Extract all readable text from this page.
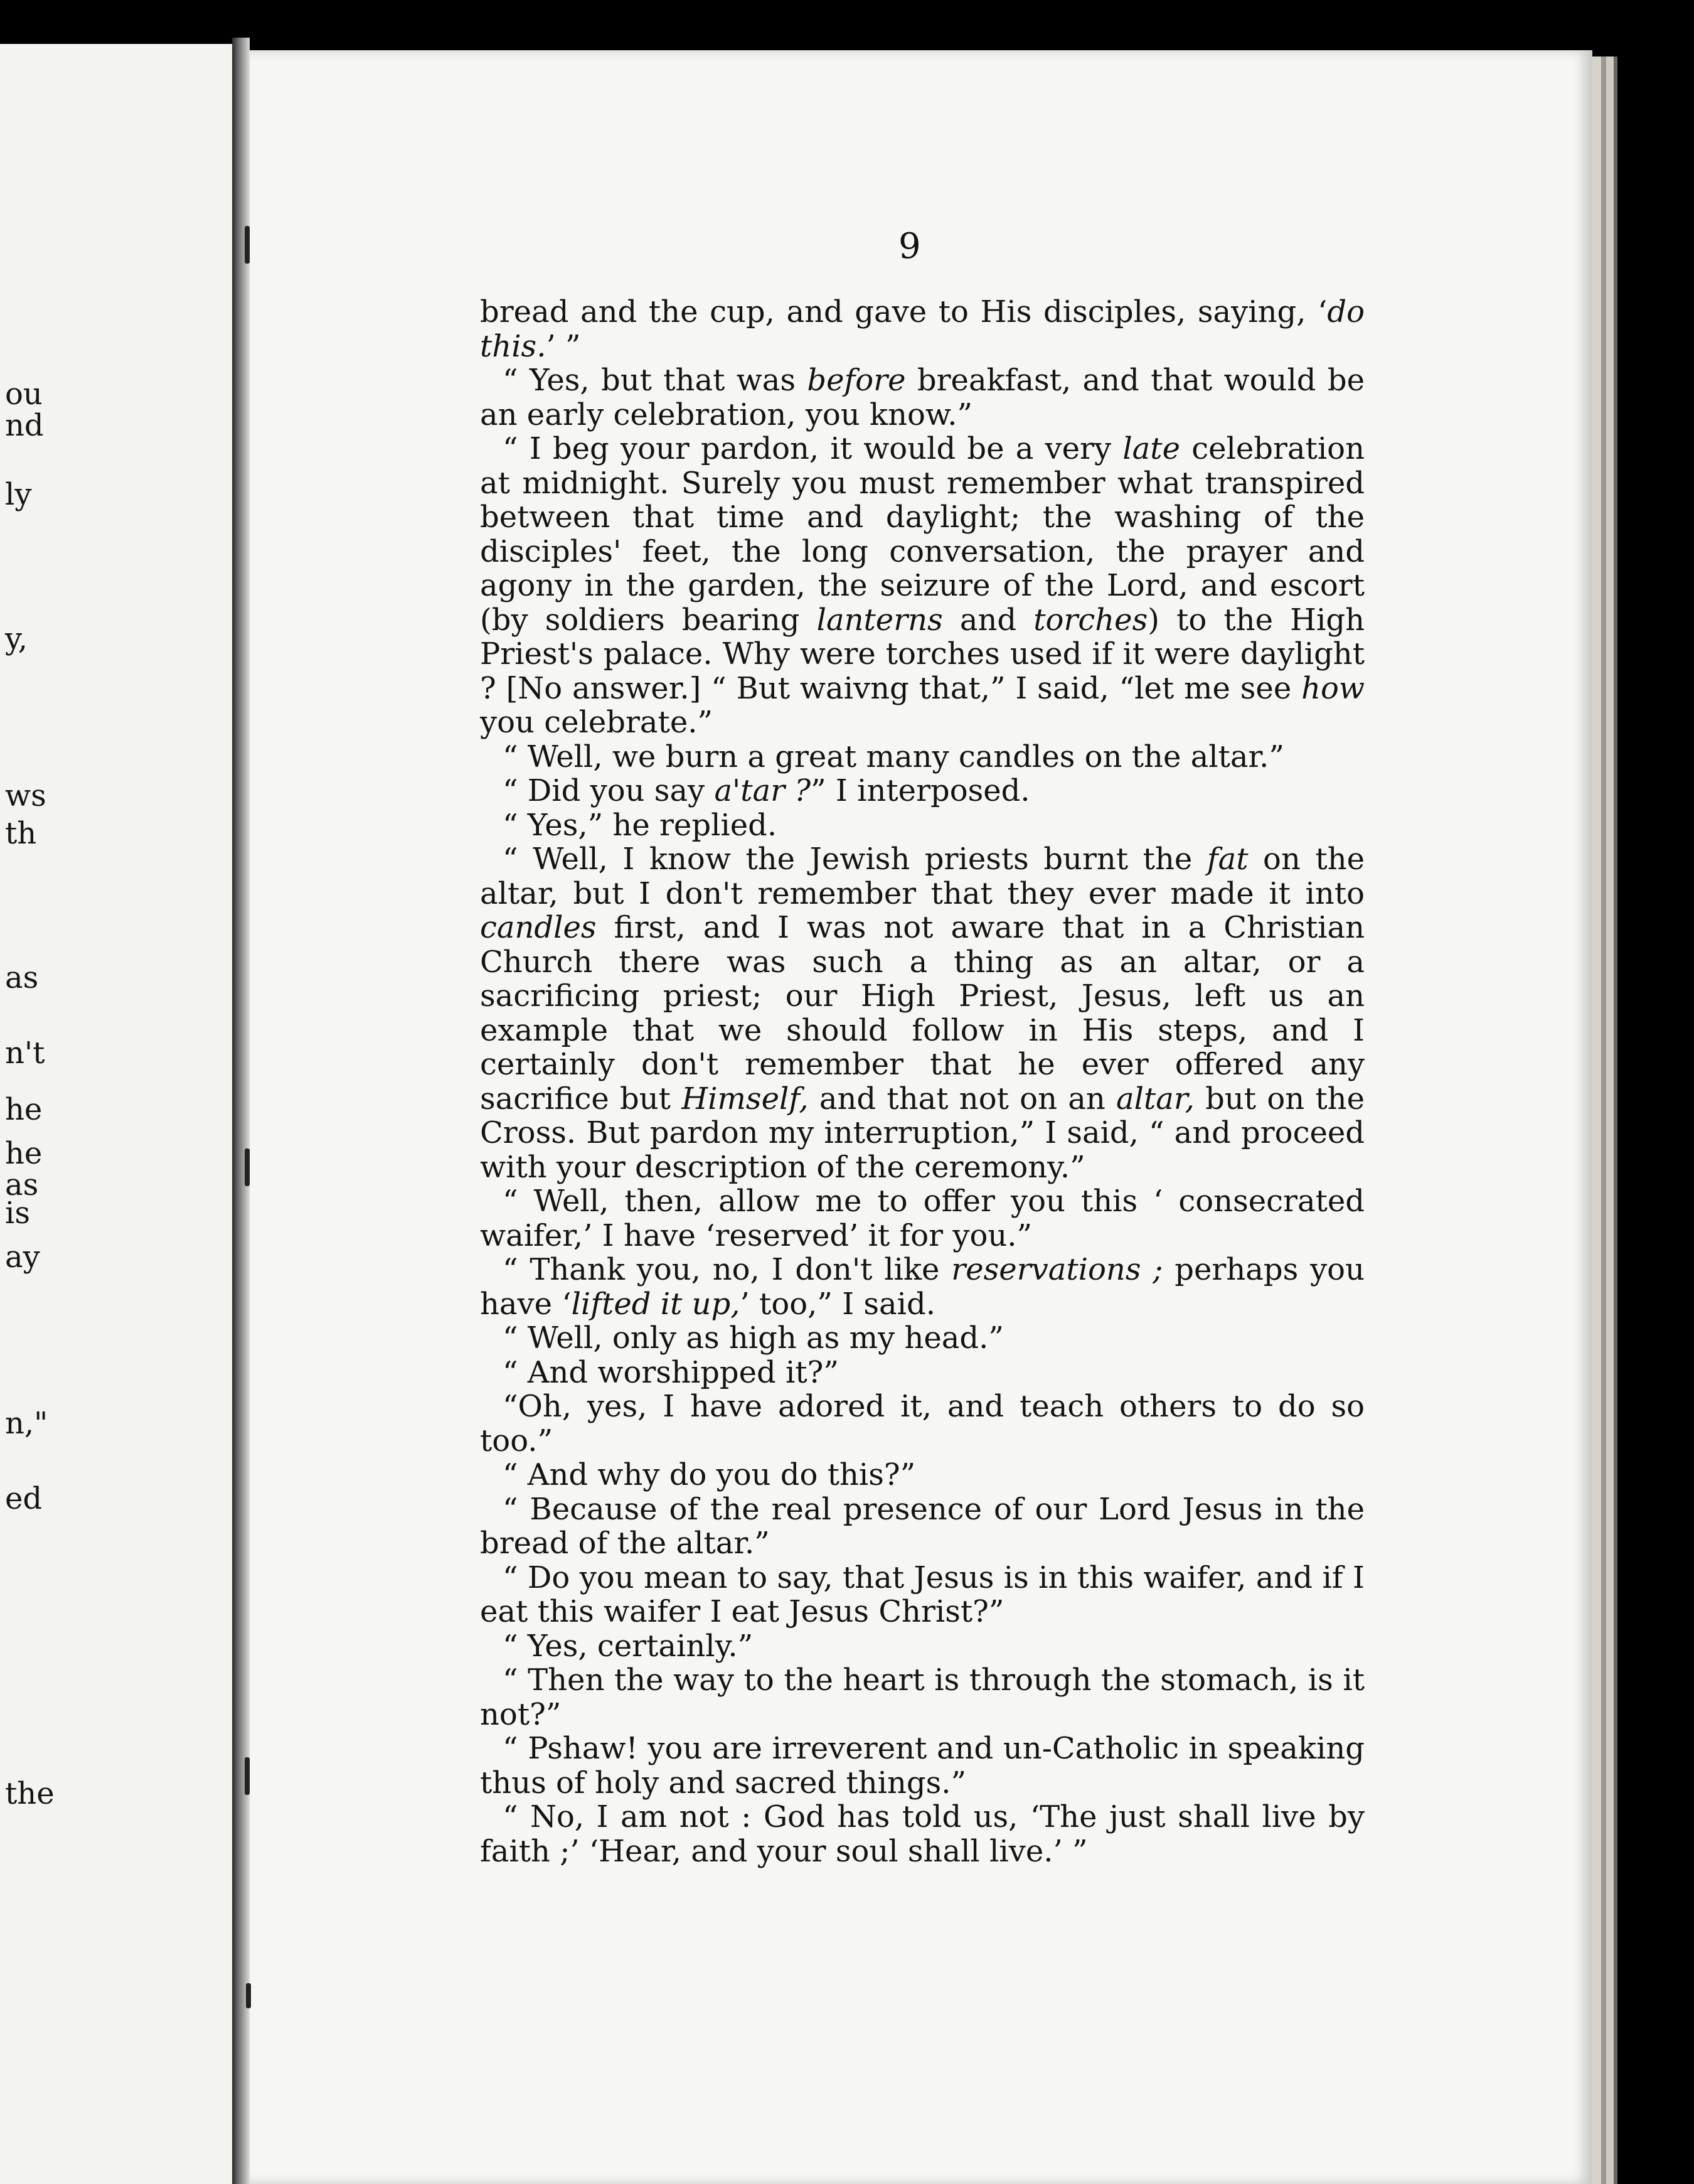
ou
nd
ly
y,
ws
th
as
n't
he
he
as
is
ay
n,"
ed
the

9

bread and the cup, and gave to His disciples, saying, ‘do this.’ ”

“ Yes, but that was before breakfast, and that would be an early celebration, you know.”

“ I beg your pardon, it would be a very late celebration at midnight. Surely you must remember what transpired between that time and daylight; the washing of the disciples' feet, the long conversation, the prayer and agony in the garden, the seizure of the Lord, and escort (by soldiers bearing lanterns and torches) to the High Priest's palace. Why were torches used if it were daylight ? [No answer.] “ But waivng that,” I said, “let me see how you celebrate.”

“ Well, we burn a great many candles on the altar.”

“ Did you say a'tar ?” I interposed.

“ Yes,” he replied.

“ Well, I know the Jewish priests burnt the fat on the altar, but I don't remember that they ever made it into candles first, and I was not aware that in a Christian Church there was such a thing as an altar, or a sacrificing priest; our High Priest, Jesus, left us an example that we should follow in His steps, and I certainly don't remember that he ever offered any sacrifice but Himself, and that not on an altar, but on the Cross. But pardon my interruption,” I said, “ and proceed with your description of the ceremony.”

“ Well, then, allow me to offer you this ‘ consecrated waifer,’ I have ‘reserved’ it for you.”

“ Thank you, no, I don't like reservations ; perhaps you have ‘lifted it up,’ too,” I said.

“ Well, only as high as my head.”

“ And worshipped it?”

“Oh, yes, I have adored it, and teach others to do so too.”

“ And why do you do this?”

“ Because of the real presence of our Lord Jesus in the bread of the altar.”

“ Do you mean to say, that Jesus is in this waifer, and if I eat this waifer I eat Jesus Christ?”

“ Yes, certainly.”

“ Then the way to the heart is through the stomach, is it not?”

“ Pshaw! you are irreverent and un-Catholic in speaking thus of holy and sacred things.”

“ No, I am not : God has told us, ‘The just shall live by faith ;’ ‘Hear, and your soul shall live.’ ”
